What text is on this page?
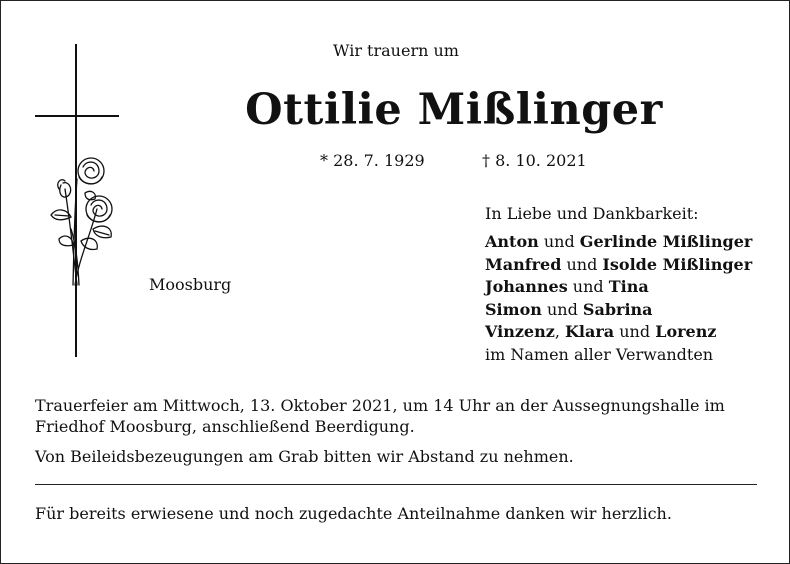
Wir trauern um
Ottilie Mißlinger
* 28. 7. 1929	† 8. 10. 2021
Moosburg
In Liebe und Dankbarkeit:
Anton und Gerlinde Mißlinger
Manfred und Isolde Mißlinger
Johannes und Tina
Simon und Sabrina
Vinzenz, Klara und Lorenz
im Namen aller Verwandten

Trauerfeier am Mittwoch, 13. Oktober 2021, um 14 Uhr an der Aussegnungshalle im Friedhof Moosburg, anschließend Beerdigung.

Von Beileidsbezeugungen am Grab bitten wir Abstand zu nehmen.

Für bereits erwiesene und noch zugedachte Anteilnahme danken wir herzlich.
